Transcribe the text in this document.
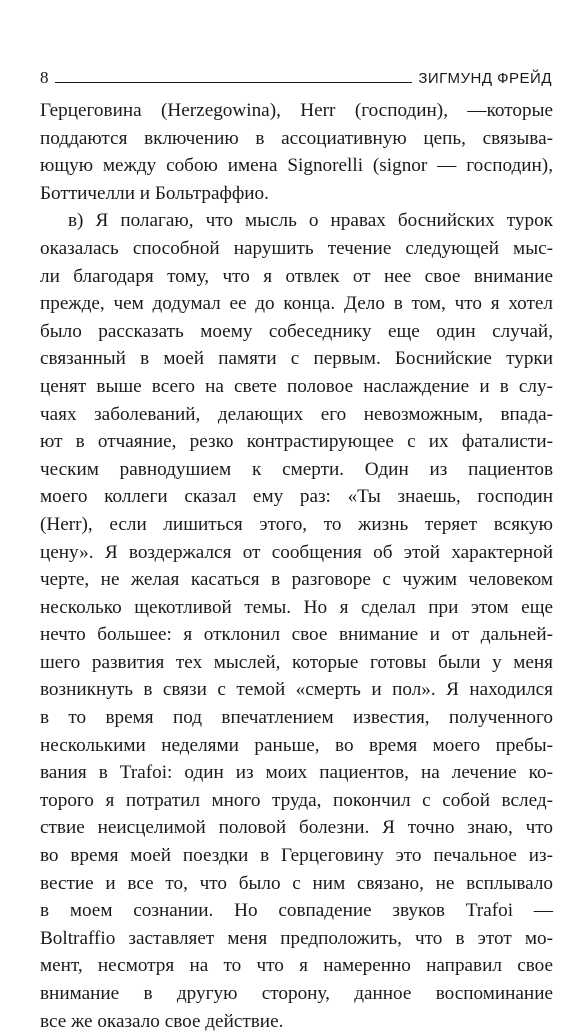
8	ЗИГМУНД ФРЕЙД
Герцеговина (Herzegowina), Herr (господин), —которые
поддаются включению в ассоциативную цепь, связыва-
ющую между собою имена Signorelli (signor — господин),
Боттичелли и Больтраффио.
в) Я полагаю, что мысль о нравах боснийских турок
оказалась способной нарушить течение следующей мыс-
ли благодаря тому, что я отвлек от нее свое внимание
прежде, чем додумал ее до конца. Дело в том, что я хотел
было рассказать моему собеседнику еще один случай,
связанный в моей памяти с первым. Боснийские турки
ценят выше всего на свете половое наслаждение и в слу-
чаях заболеваний, делающих его невозможным, впада-
ют в отчаяние, резко контрастирующее с их фаталисти-
ческим равнодушием к смерти. Один из пациентов
моего коллеги сказал ему раз: «Ты знаешь, господин
(Herr), если лишиться этого, то жизнь теряет всякую
цену». Я воздержался от сообщения об этой характерной
черте, не желая касаться в разговоре с чужим человеком
несколько щекотливой темы. Но я сделал при этом еще
нечто большее: я отклонил свое внимание и от дальней-
шего развития тех мыслей, которые готовы были у меня
возникнуть в связи с темой «смерть и пол». Я находился
в то время под впечатлением известия, полученного
несколькими неделями раньше, во время моего пребы-
вания в Trafoi: один из моих пациентов, на лечение ко-
торого я потратил много труда, покончил с собой вслед-
ствие неисцелимой половой болезни. Я точно знаю, что
во время моей поездки в Герцеговину это печальное из-
вестие и все то, что было с ним связано, не всплывало
в моем сознании. Но совпадение звуков Trafoi —
Boltraffio заставляет меня предположить, что в этот мо-
мент, несмотря на то что я намеренно направил свое
внимание в другую сторону, данное воспоминание
все же оказало свое действие.
